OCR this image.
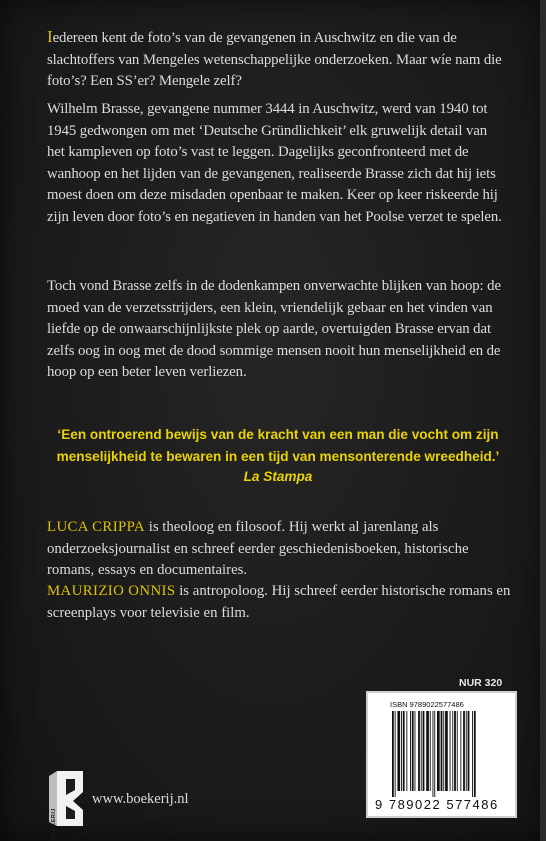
Iedereen kent de foto’s van de gevangenen in Auschwitz en die van de slachtoffers van Mengeles wetenschappelijke onderzoeken. Maar wíe nam die foto’s? Een SS’er? Mengele zelf?
Wilhelm Brasse, gevangene nummer 3444 in Auschwitz, werd van 1940 tot 1945 gedwongen om met ‘Deutsche Gründlichkeit’ elk gruwelijk detail van het kampleven op foto’s vast te leggen. Dagelijks geconfronteerd met de wanhoop en het lijden van de gevangenen, realiseerde Brasse zich dat hij iets moest doen om deze misdaden openbaar te maken. Keer op keer riskeerde hij zijn leven door foto’s en negatieven in handen van het Poolse verzet te spelen.
Toch vond Brasse zelfs in de dodenkampen onverwachte blijken van hoop: de moed van de verzetsstrijders, een klein, vriendelijk gebaar en het vinden van liefde op de onwaarschijnlijkste plek op aarde, overtuigden Brasse ervan dat zelfs oog in oog met de dood sommige mensen nooit hun menselijkheid en de hoop op een beter leven verliezen.
‘Een ontroerend bewijs van de kracht van een man die vocht om zijn menselijkheid te bewaren in een tijd van mensonterende wreedheid.’
La Stampa
LUCA CRIPPA is theoloog en filosoof. Hij werkt al jarenlang als onderzoeksjournalist en schreef eerder geschiedenisboeken, historische romans, essays en documentaires.
MAURIZIO ONNIS is antropoloog. Hij schreef eerder historische romans en screenplays voor televisie en film.
NUR 320
ISBN 9789022577486
9 789022 577486
BOEKERIJ
www.boekerij.nl
